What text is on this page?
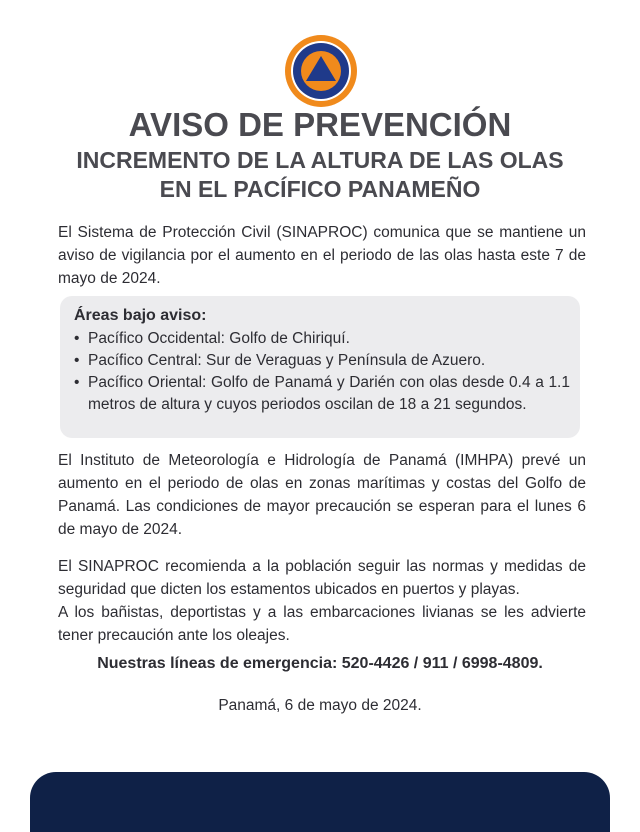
AVISO DE PREVENCIÓN
INCREMENTO DE LA ALTURA DE LAS OLAS
EN EL PACÍFICO PANAMEÑO
El Sistema de Protección Civil (SINAPROC) comunica que se mantiene un aviso de vigilancia por el aumento en el periodo de las olas hasta este 7 de mayo de 2024.
Áreas bajo aviso:
• Pacífico Occidental: Golfo de Chiriquí.
• Pacífico Central: Sur de Veraguas y Península de Azuero.
• Pacífico Oriental: Golfo de Panamá y Darién con olas desde 0.4 a 1.1 metros de altura y cuyos periodos oscilan de 18 a 21 segundos.
El Instituto de Meteorología e Hidrología de Panamá (IMHPA) prevé un aumento en el periodo de olas en zonas marítimas y costas del Golfo de Panamá. Las condiciones de mayor precaución se esperan para el lunes 6 de mayo de 2024.
El SINAPROC recomienda a la población seguir las normas y medidas de seguridad que dicten los estamentos ubicados en puertos y playas.
A los bañistas, deportistas y a las embarcaciones livianas se les advierte tener precaución ante los oleajes.
Nuestras líneas de emergencia: 520-4426 / 911 / 6998-4809.
Panamá, 6 de mayo de 2024.
